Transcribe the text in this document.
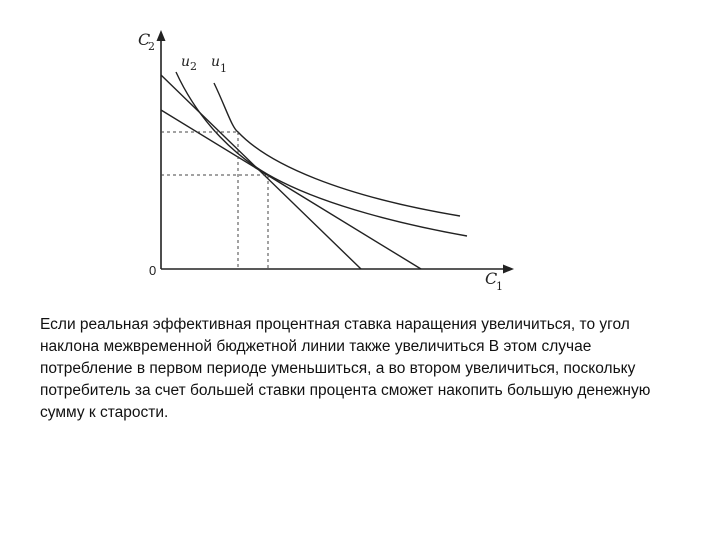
C
2
C
1
0
u 2 u 1
Если реальная эффективная процентная ставка наращения увеличиться, то угол
наклона межвременной бюджетной линии также увеличиться В этом случае
потребление в первом периоде уменьшиться, а во втором увеличиться, поскольку
потребитель за счет большей ставки процента сможет накопить большую денежную
сумму к старости.
